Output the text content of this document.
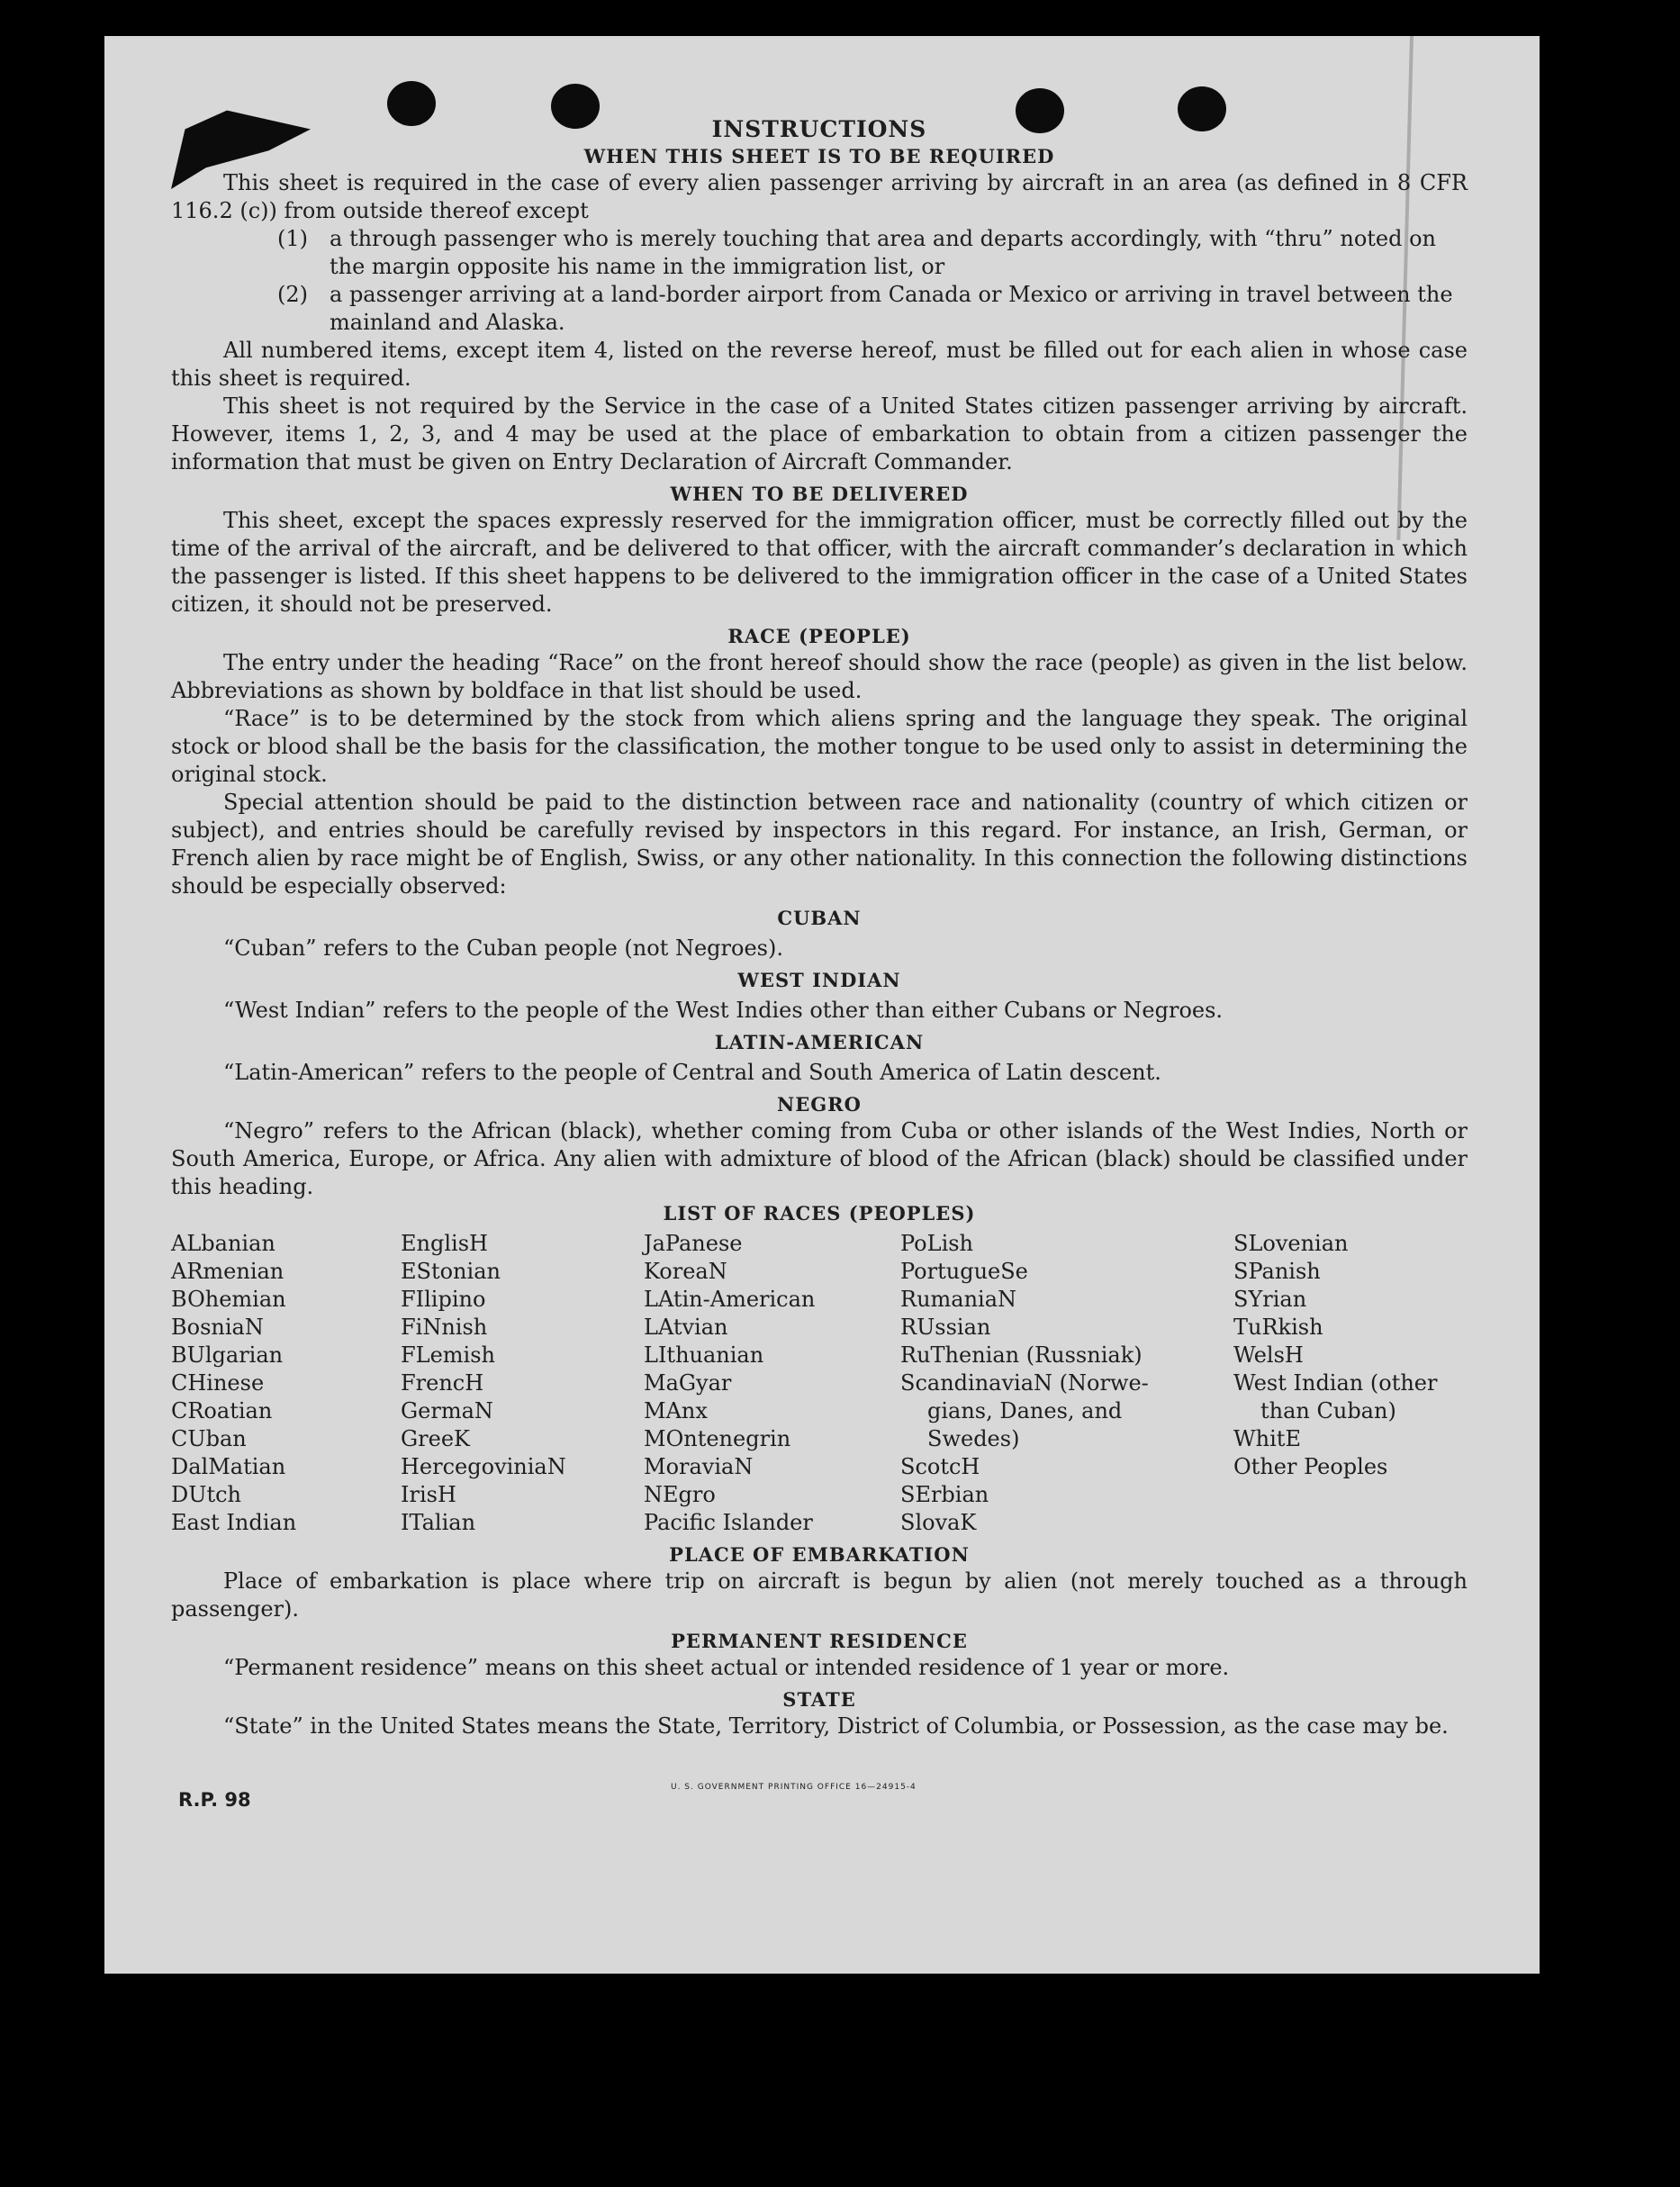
INSTRUCTIONS
WHEN THIS SHEET IS TO BE REQUIRED

This sheet is required in the case of every alien passenger arriving by aircraft in an area (as defined in 8 CFR 116.2 (c)) from outside thereof except

(1)	a through passenger who is merely touching that area and departs accordingly, with “thru” noted on the margin opposite his name in the immigration list, or
(2)	a passenger arriving at a land-border airport from Canada or Mexico or arriving in travel between the mainland and Alaska.

All numbered items, except item 4, listed on the reverse hereof, must be filled out for each alien in whose case this sheet is required.

This sheet is not required by the Service in the case of a United States citizen passenger arriving by aircraft. However, items 1, 2, 3, and 4 may be used at the place of embarkation to obtain from a citizen passenger the information that must be given on Entry Declaration of Aircraft Commander.

WHEN TO BE DELIVERED

This sheet, except the spaces expressly reserved for the immigration officer, must be correctly filled out by the time of the arrival of the aircraft, and be delivered to that officer, with the aircraft commander’s declaration in which the passenger is listed. If this sheet happens to be delivered to the immigration officer in the case of a United States citizen, it should not be preserved.

RACE (PEOPLE)

The entry under the heading “Race” on the front hereof should show the race (people) as given in the list below. Abbreviations as shown by boldface in that list should be used.

“Race” is to be determined by the stock from which aliens spring and the language they speak. The original stock or blood shall be the basis for the classification, the mother tongue to be used only to assist in determining the original stock.

Special attention should be paid to the distinction between race and nationality (country of which citizen or subject), and entries should be carefully revised by inspectors in this regard. For instance, an Irish, German, or French alien by race might be of English, Swiss, or any other nationality. In this connection the following distinctions should be especially observed:

CUBAN

“Cuban” refers to the Cuban people (not Negroes).

WEST INDIAN

“West Indian” refers to the people of the West Indies other than either Cubans or Negroes.

LATIN-AMERICAN

“Latin-American” refers to the people of Central and South America of Latin descent.

NEGRO

“Negro” refers to the African (black), whether coming from Cuba or other islands of the West Indies, North or South America, Europe, or Africa. Any alien with admixture of blood of the African (black) should be classified under this heading.

LIST OF RACES (PEOPLES)
ALbanian
ARmenian
BOhemian
BosniaN
BUlgarian
CHinese
CRoatian
CUban
DalMatian
DUtch
East Indian
EnglisH
EStonian
FIlipino
FiNnish
FLemish
FrencH
GermaN
GreeK
HercegoviniaN
IrisH
ITalian
JaPanese
KoreaN
LAtin-American
LAtvian
LIthuanian
MaGyar
MAnx
MOntenegrin
MoraviaN
NEgro
Pacific Islander
PoLish
PortugueSe
RumaniaN
RUssian
RuThenian (Russniak)
ScandinaviaN (Norwe-
gians, Danes, and
Swedes)
ScotcH
SErbian
SlovaK
SLovenian
SPanish
SYrian
TuRkish
WelsH
West Indian (other
than Cuban)
WhitE
Other Peoples
PLACE OF EMBARKATION

Place of embarkation is place where trip on aircraft is begun by alien (not merely touched as a through passenger).

PERMANENT RESIDENCE

“Permanent residence” means on this sheet actual or intended residence of 1 year or more.

STATE

“State” in the United States means the State, Territory, District of Columbia, or Possession, as the case may be.

R.P. 98
U. S. GOVERNMENT PRINTING OFFICE 16—24915-4
